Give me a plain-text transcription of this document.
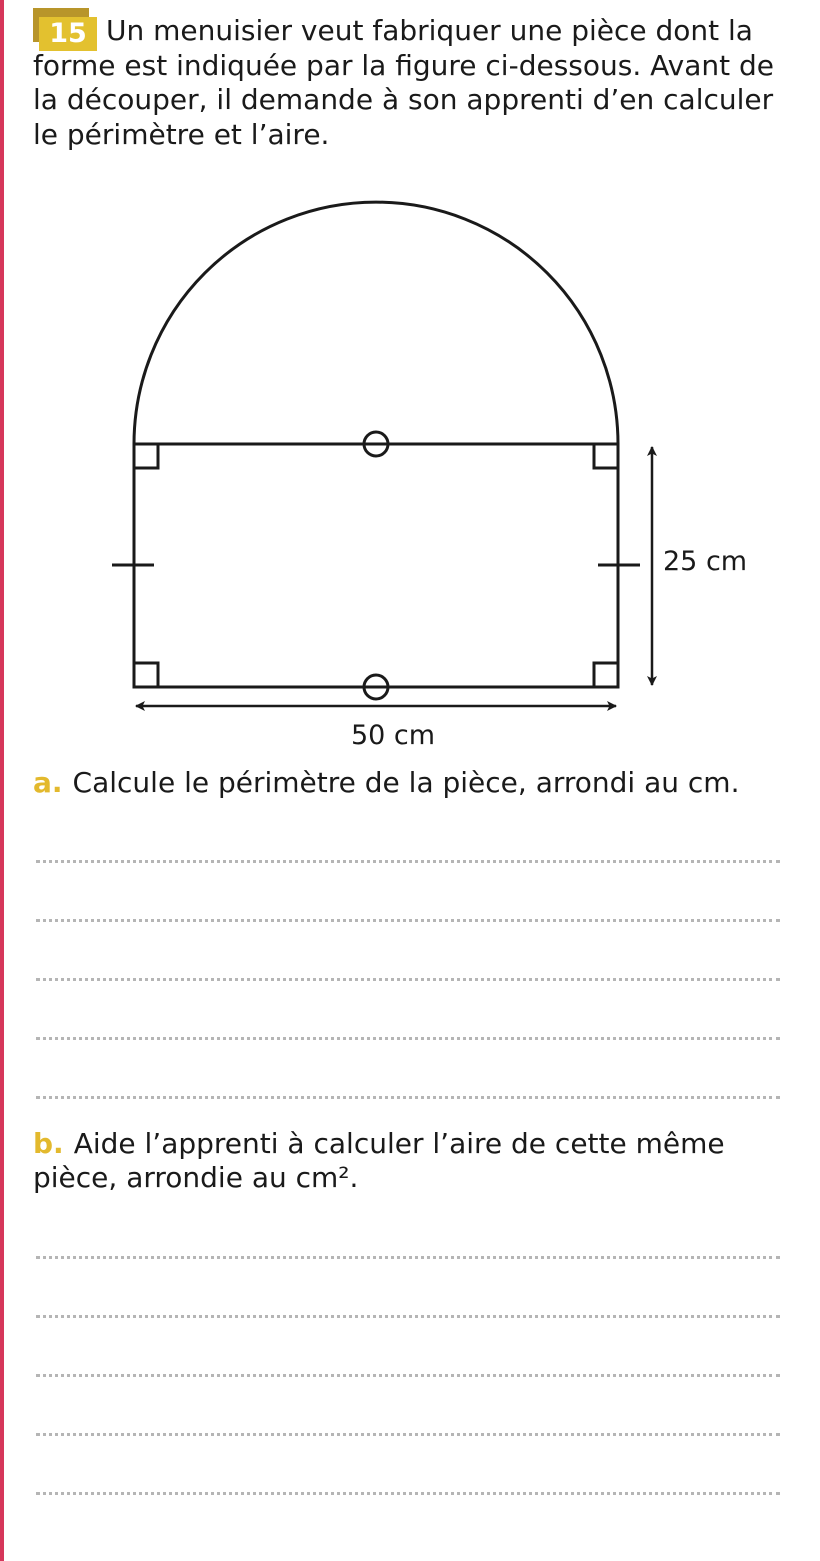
15 Un menuisier veut fabriquer une pièce dont la forme est indiquée par la figure ci-dessous. Avant de la découper, il demande à son apprenti d’en calculer le périmètre et l’aire.

25 cm
50 cm

a. Calcule le périmètre de la pièce, arrondi au cm.

b. Aide l’apprenti à calculer l’aire de cette même pièce, arrondie au cm².
